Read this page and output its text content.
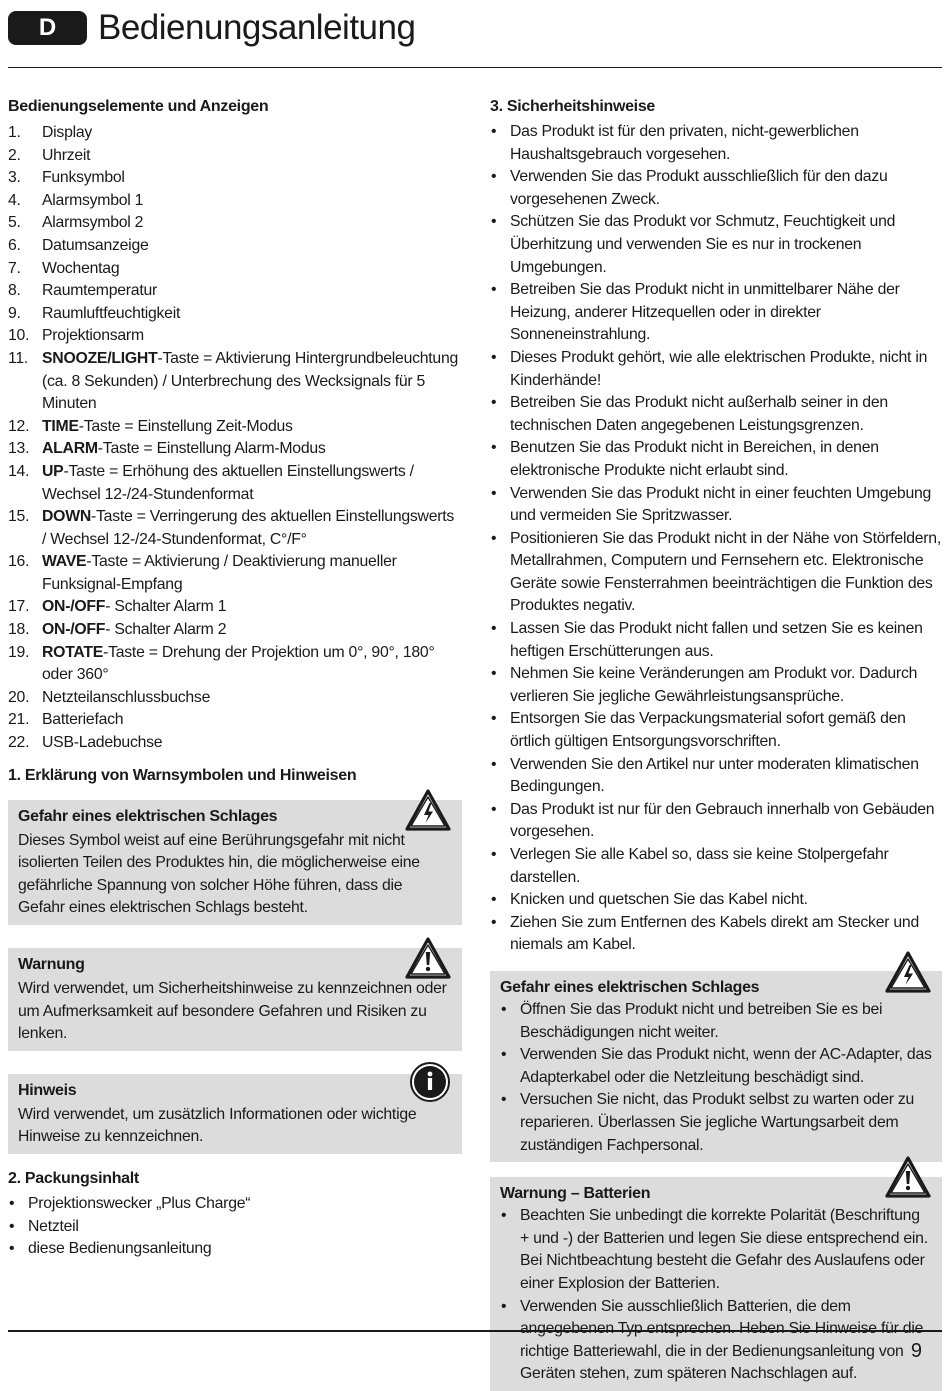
D	Bedienungsanleitung
Bedienungselemente und Anzeigen
1.	Display
2.	Uhrzeit
3.	Funksymbol
4.	Alarmsymbol 1
5.	Alarmsymbol 2
6.	Datumsanzeige
7.	Wochentag
8.	Raumtemperatur
9.	Raumluftfeuchtigkeit
10. Projektionsarm
11. SNOOZE/LIGHT-Taste = Aktivierung Hintergrundbeleuchtung (ca. 8 Sekunden) / Unterbrechung des Wecksignals für 5 Minuten
12. TIME-Taste = Einstellung Zeit-Modus
13. ALARM-Taste = Einstellung Alarm-Modus
14. UP-Taste = Erhöhung des aktuellen Einstellungswerts / Wechsel 12-/24-Stundenformat
15. DOWN-Taste = Verringerung des aktuellen Einstellungswerts / Wechsel 12-/24-Stundenformat, C°/F°
16. WAVE-Taste = Aktivierung / Deaktivierung manueller Funksignal-Empfang
17. ON-/OFF- Schalter Alarm 1
18. ON-/OFF- Schalter Alarm 2
19. ROTATE-Taste = Drehung der Projektion um 0°, 90°, 180° oder 360°
20. Netzteilanschlussbuchse
21. Batteriefach
22. USB-Ladebuchse
1. Erklärung von Warnsymbolen und Hinweisen
Gefahr eines elektrischen Schlages

Dieses Symbol weist auf eine Berührungsgefahr mit nicht isolierten Teilen des Produktes hin, die möglicherweise eine gefährliche Spannung von solcher Höhe führen, dass die Gefahr eines elektrischen Schlags besteht.

Warnung

Wird verwendet, um Sicherheitshinweise zu kennzeichnen oder um Aufmerksamkeit auf besondere Gefahren und Risiken zu lenken.

Hinweis

Wird verwendet, um zusätzlich Informationen oder wichtige Hinweise zu kennzeichnen.

2. Packungsinhalt
• Projektionswecker „Plus Charge“
• Netzteil
• diese Bedienungsanleitung
3. Sicherheitshinweise
• Das Produkt ist für den privaten, nicht-gewerblichen Haushaltsgebrauch vorgesehen.
• Verwenden Sie das Produkt ausschließlich für den dazu vorgesehenen Zweck.
• Schützen Sie das Produkt vor Schmutz, Feuchtigkeit und Überhitzung und verwenden Sie es nur in trockenen Umgebungen.
• Betreiben Sie das Produkt nicht in unmittelbarer Nähe der Heizung, anderer Hitzequellen oder in direkter Sonneneinstrahlung.
• Dieses Produkt gehört, wie alle elektrischen Produkte, nicht in Kinderhände!
• Betreiben Sie das Produkt nicht außerhalb seiner in den technischen Daten angegebenen Leistungsgrenzen.
• Benutzen Sie das Produkt nicht in Bereichen, in denen elektronische Produkte nicht erlaubt sind.
• Verwenden Sie das Produkt nicht in einer feuchten Umgebung und vermeiden Sie Spritzwasser.
• Positionieren Sie das Produkt nicht in der Nähe von Störfeldern, Metallrahmen, Computern und Fernsehern etc. Elektronische Geräte sowie Fensterrahmen beeinträchtigen die Funktion des Produktes negativ.
• Lassen Sie das Produkt nicht fallen und setzen Sie es keinen heftigen Erschütterungen aus.
• Nehmen Sie keine Veränderungen am Produkt vor. Dadurch verlieren Sie jegliche Gewährleistungsansprüche.
• Entsorgen Sie das Verpackungsmaterial sofort gemäß den örtlich gültigen Entsorgungsvorschriften.
• Verwenden Sie den Artikel nur unter moderaten klimatischen Bedingungen.
• Das Produkt ist nur für den Gebrauch innerhalb von Gebäuden vorgesehen.
• Verlegen Sie alle Kabel so, dass sie keine Stolpergefahr darstellen.
• Knicken und quetschen Sie das Kabel nicht.
• Ziehen Sie zum Entfernen des Kabels direkt am Stecker und niemals am Kabel.
Gefahr eines elektrischen Schlages
• Öffnen Sie das Produkt nicht und betreiben Sie es bei Beschädigungen nicht weiter.
• Verwenden Sie das Produkt nicht, wenn der AC-Adapter, das Adapterkabel oder die Netzleitung beschädigt sind.
• Versuchen Sie nicht, das Produkt selbst zu warten oder zu reparieren. Überlassen Sie jegliche Wartungsarbeit dem zuständigen Fachpersonal.
Warnung – Batterien
• Beachten Sie unbedingt die korrekte Polarität (Beschriftung + und -) der Batterien und legen Sie diese entsprechend ein. Bei Nichtbeachtung besteht die Gefahr des Auslaufens oder einer Explosion der Batterien.
• Verwenden Sie ausschließlich Batterien, die dem angegebenen Typ entsprechen. Heben Sie Hinweise für die richtige Batteriewahl, die in der Bedienungsanleitung von Geräten stehen, zum späteren Nachschlagen auf.
9
